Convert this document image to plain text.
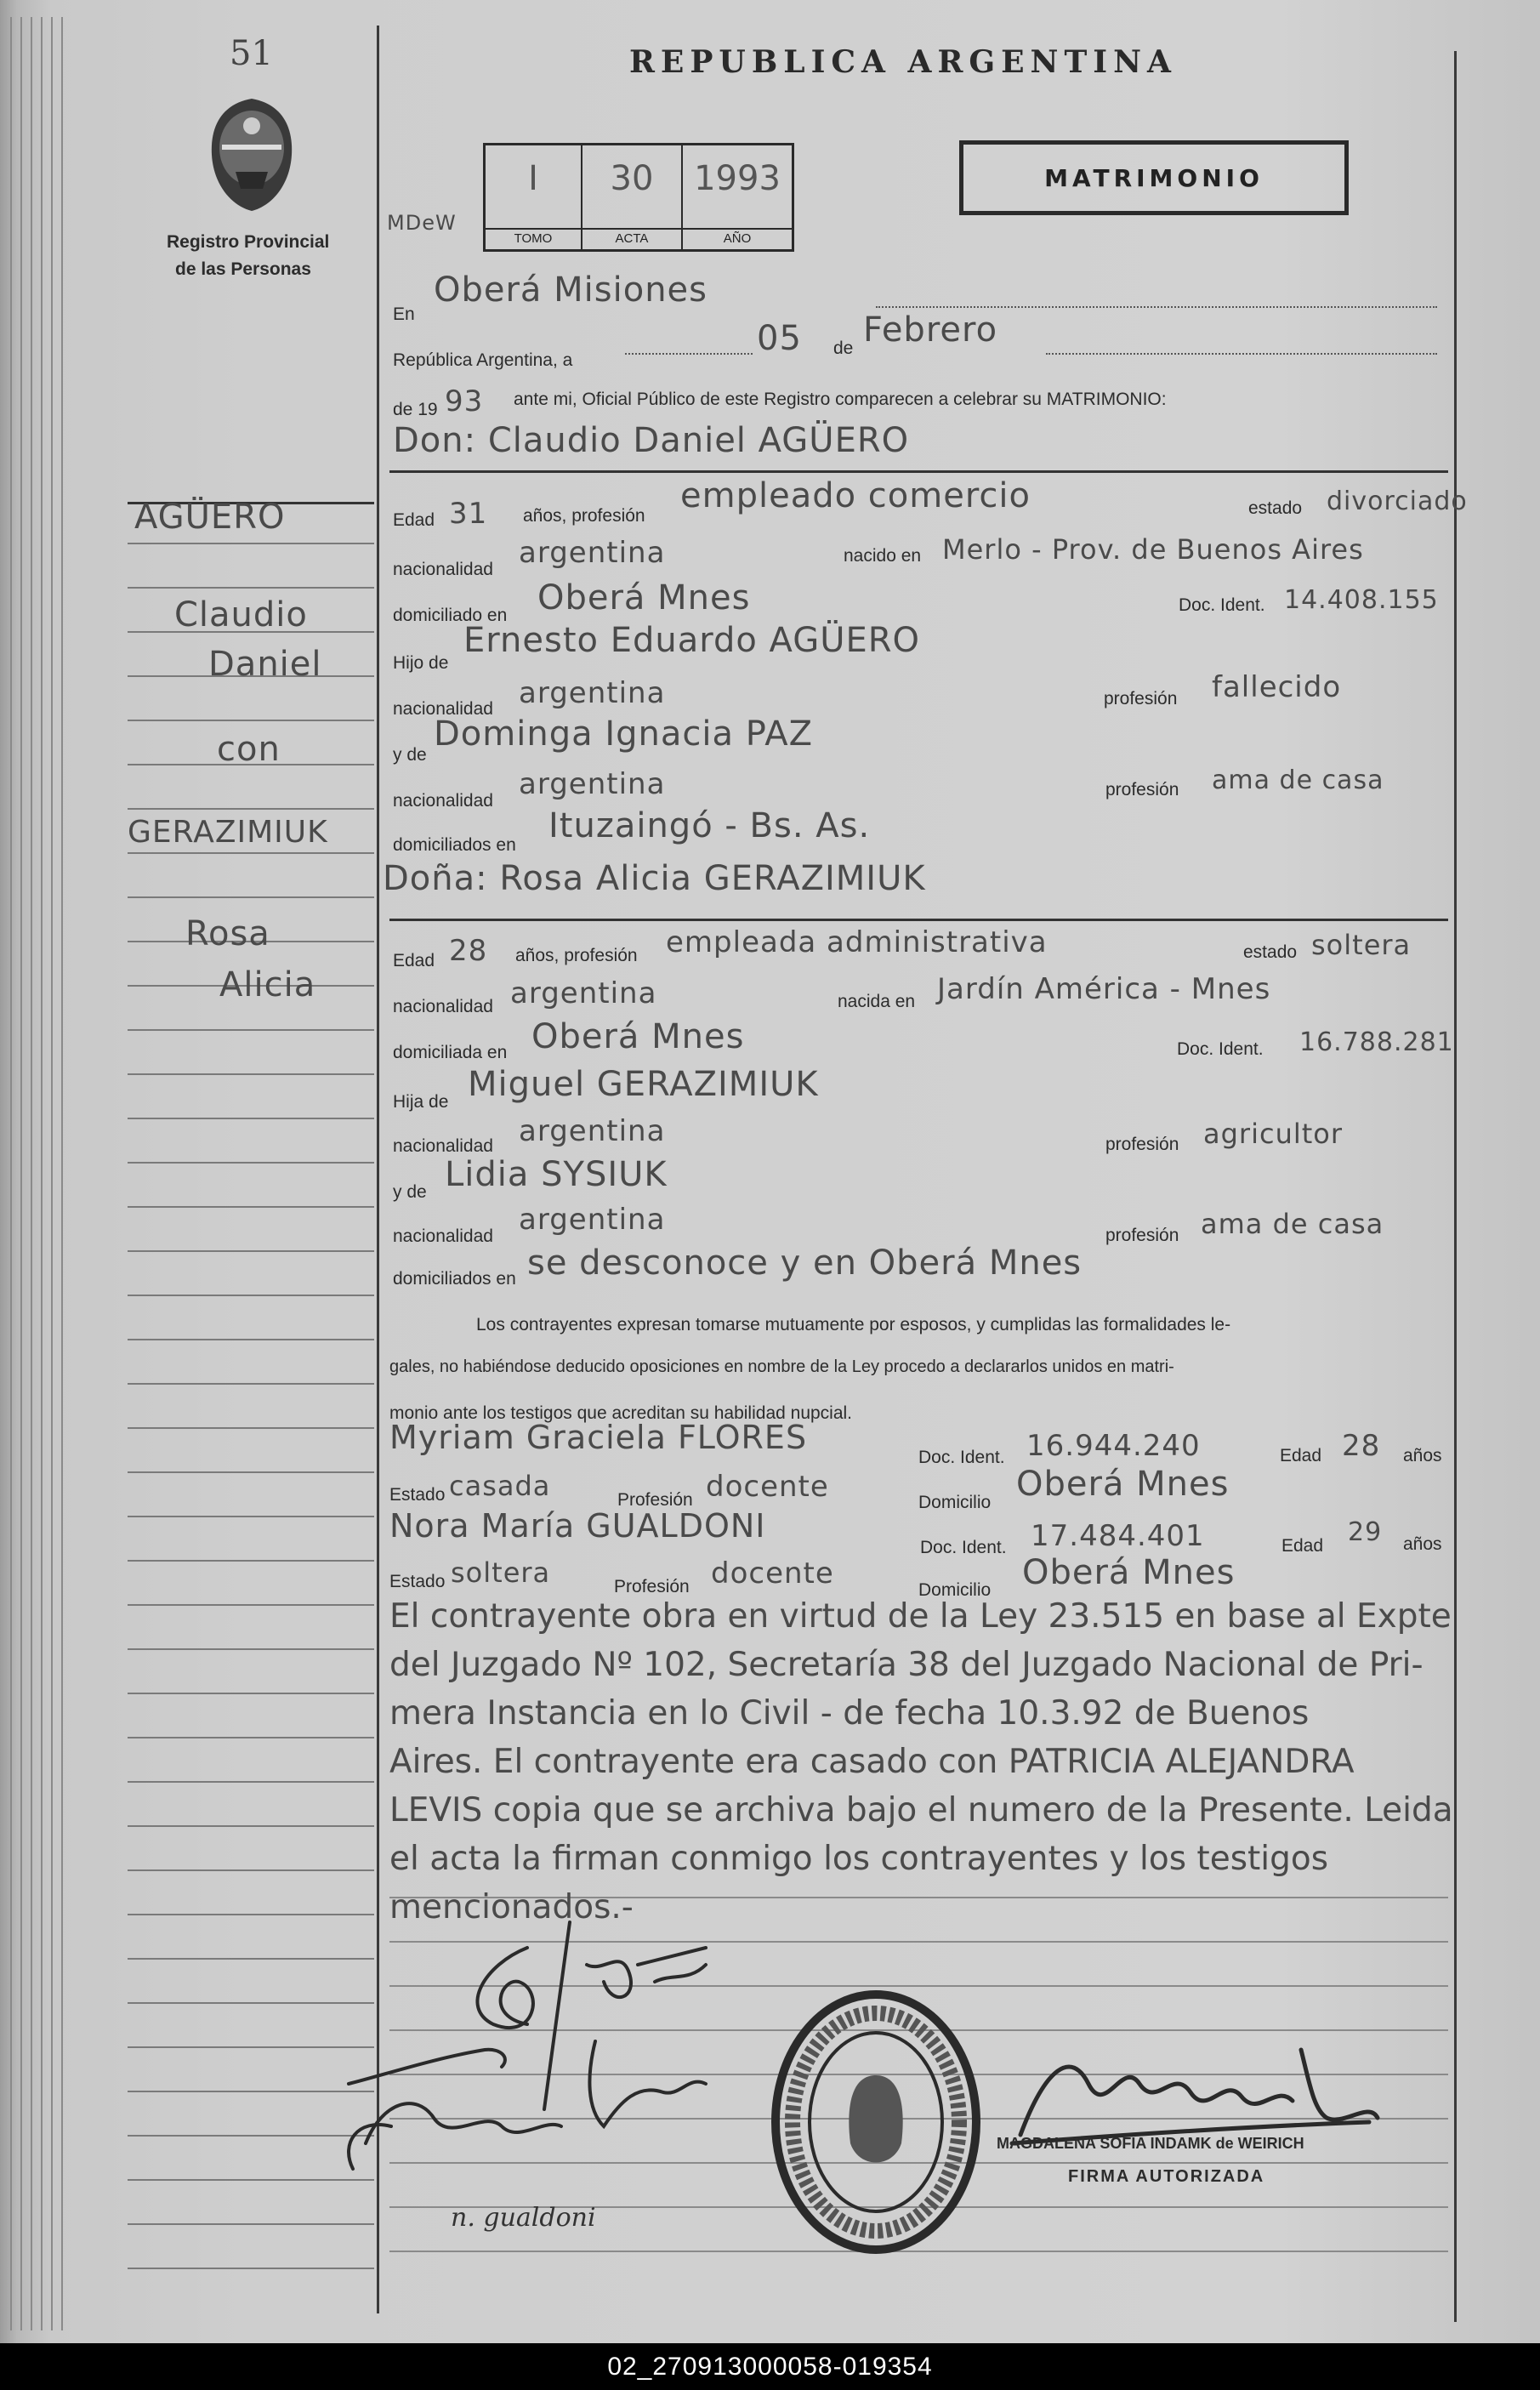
51
Registro Provincial
de las Personas
REPUBLICA ARGENTINA
MATRIMONIO
MDeW
I
TOMO
30
ACTA
1993
AÑO
AGÜERO
Claudio
Daniel
con
GERAZIMIUK
Rosa
Alicia
En
Oberá Misiones
República Argentina, a
05 de Febrero
de 19 93 ante mi, Oficial Público de este Registro comparecen a celebrar su MATRIMONIO:
Don: Claudio Daniel AGÜERO
Edad 31 años, profesión
empleado comercio	estado divorciado
nacionalidad argentina	nacido en Merlo - Prov. de Buenos Aires
domiciliado en Oberá Mnes	Doc. Ident. 14.408.155
Hijo de
Ernesto Eduardo AGÜERO
nacionalidad argentina	profesión fallecido
y de
Dominga Ignacia PAZ
nacionalidad argentina	profesión ama de casa
domiciliados en Ituzaingó - Bs. As.
Doña: Rosa Alicia GERAZIMIUK
Edad 28 años, profesión empleada administrativa	estado soltera
nacionalidad argentina	nacida en Jardín América - Mnes
domiciliada en Oberá Mnes	Doc. Ident. 16.788.281
Hija de Miguel GERAZIMIUK
nacionalidad argentina	profesión agricultor
y de Lidia SYSIUK
nacionalidad argentina	profesión ama de casa
domiciliados en se desconoce y en Oberá Mnes
Los contrayentes expresan tomarse mutuamente por esposos, y cumplidas las formalidades le-
gales, no habiéndose deducido oposiciones en nombre de la Ley procedo a declararlos unidos en matri-
monio ante los testigos que acreditan su habilidad nupcial.
Myriam Graciela FLORES
Doc. Ident. 16.944.240	Edad 28 años
Estado casada	Profesión docente	Domicilio Oberá Mnes
Nora María GUALDONI
Doc. Ident. 17.484.401	Edad 29 años
Estado soltera	Profesión docente	Domicilio Oberá Mnes
El contrayente obra en virtud de la Ley 23.515 en base al Expte
del Juzgado Nº 102, Secretaría 38 del Juzgado Nacional de Pri-
mera Instancia en lo Civil - de fecha 10.3.92 de Buenos
Aires. El contrayente era casado con PATRICIA ALEJANDRA
LEVIS copia que se archiva bajo el numero de la Presente. Leida
el acta la firman conmigo los contrayentes y los testigos
mencionados.-
n. gualdoni
MAGDALENA SOFIA INDAMK de WEIRICH
FIRMA AUTORIZADA
02_270913000058-019354
